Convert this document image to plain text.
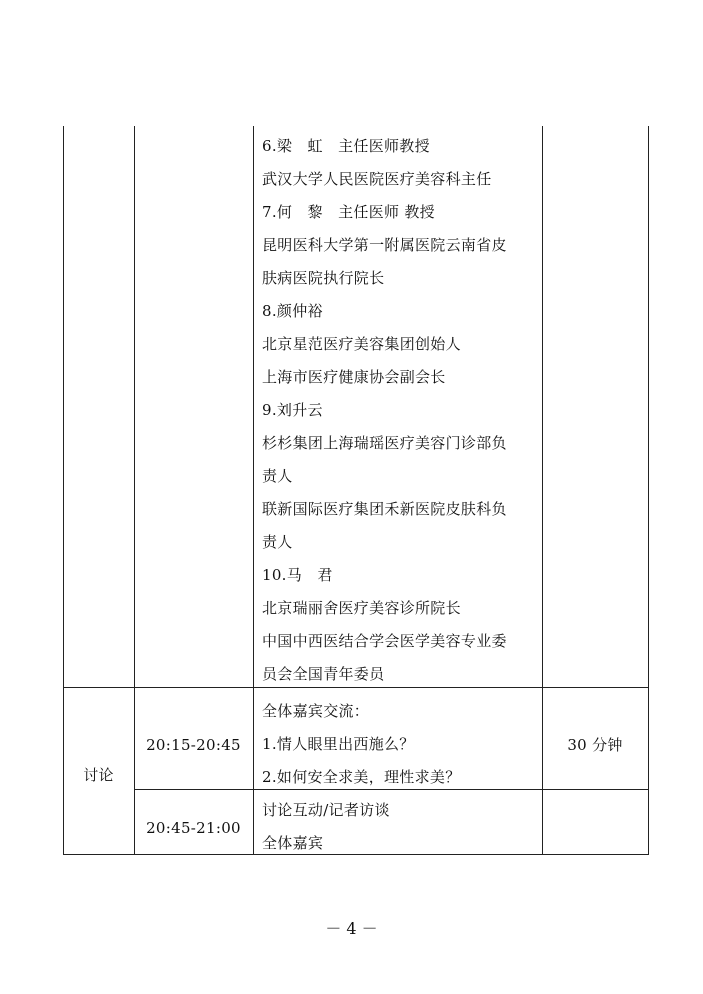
6.梁　虹　主任医师教授
武汉大学人民医院医疗美容科主任
7.何　黎　主任医师 教授
昆明医科大学第一附属医院云南省皮
肤病医院执行院长
8.颜仲裕
北京星范医疗美容集团创始人
上海市医疗健康协会副会长
9.刘升云
杉杉集团上海瑞瑶医疗美容门诊部负
责人
联新国际医疗集团禾新医院皮肤科负
责人
10.马　君
北京瑞丽舍医疗美容诊所院长
中国中西医结合学会医学美容专业委
员会全国青年委员
讨论
20:15-20:45
全体嘉宾交流：
1.情人眼里出西施么？
2.如何安全求美，理性求美？
30 分钟
20:45-21:00
讨论互动/记者访谈
全体嘉宾
－ 4 －
